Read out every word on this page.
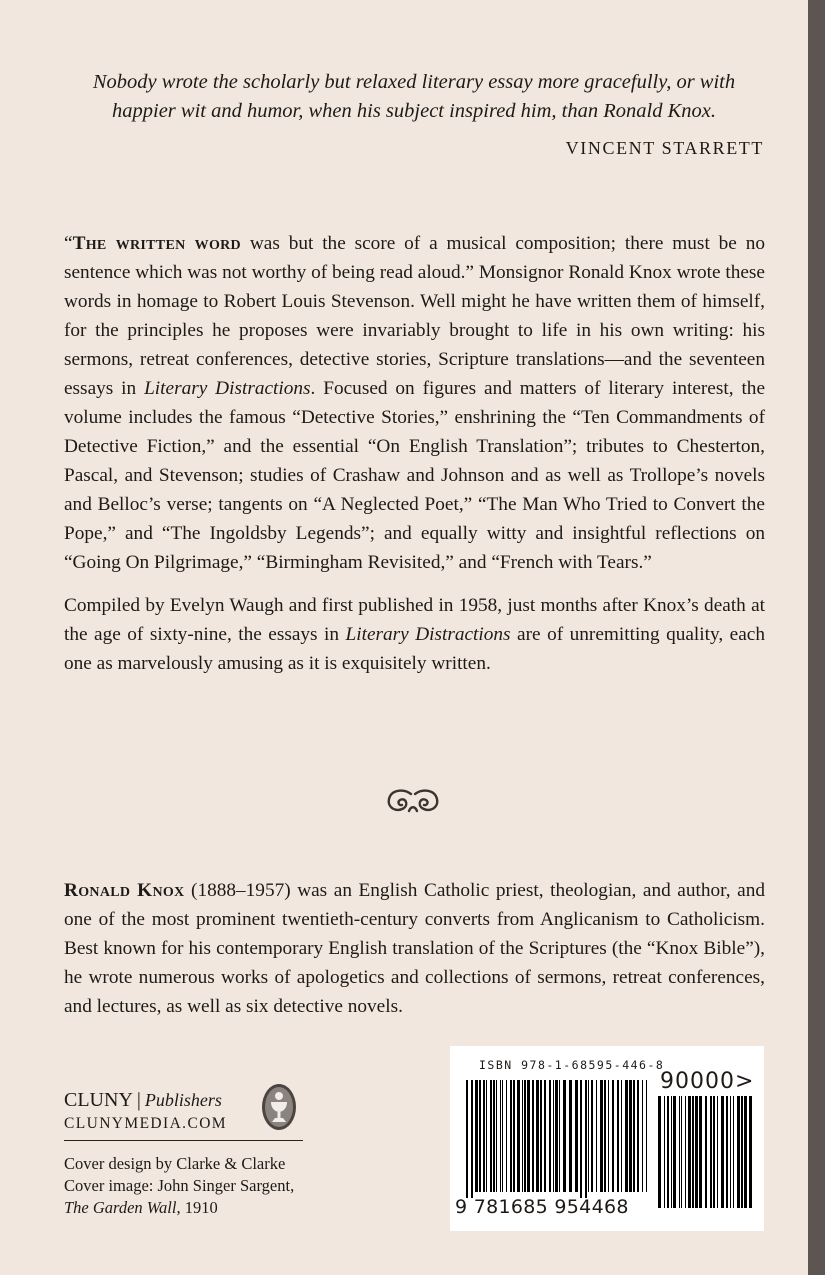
Nobody wrote the scholarly but relaxed literary essay more gracefully, or with
happier wit and humor, when his subject inspired him, than Ronald Knox.
VINCENT STARRETT

“The written word was but the score of a musical composition; there must be no sentence which was not worthy of being read aloud.” Monsignor Ronald Knox wrote these words in homage to Robert Louis Stevenson. Well might he have written them of himself, for the principles he proposes were invariably brought to life in his own writing: his sermons, retreat conferences, detective stories, Scripture translations—and the seventeen essays in Literary Distractions. Focused on figures and matters of literary interest, the volume includes the famous “Detective Stories,” enshrining the “Ten Commandments of Detective Fiction,” and the essential “On English Translation”; tributes to Chesterton, Pascal, and Stevenson; studies of Crashaw and Johnson and as well as Trollope’s novels and Belloc’s verse; tangents on “A Neglected Poet,” “The Man Who Tried to Convert the Pope,” and “The Ingoldsby Legends”; and equally witty and insightful reflections on “Going On Pilgrimage,” “Birmingham Revisited,” and “French with Tears.”

Compiled by Evelyn Waugh and first published in 1958, just months after Knox’s death at the age of sixty-nine, the essays in Literary Distractions are of unremitting quality, each one as marvelously amusing as it is exquisitely written.

Ronald Knox (1888–1957) was an English Catholic priest, theologian, and author, and one of the most prominent twentieth-century converts from Anglicanism to Catholicism. Best known for his contemporary English translation of the Scriptures (the “Knox Bible”), he wrote numerous works of apologetics and collections of sermons, retreat conferences, and lectures, as well as six detective novels.
CLUNY | Publishers
CLUNYMEDIA.COM
Cover design by Clarke & Clarke
Cover image: John Singer Sargent,
The Garden Wall, 1910
ISBN 978-1-68595-446-8
90000>
9 781685 954468
